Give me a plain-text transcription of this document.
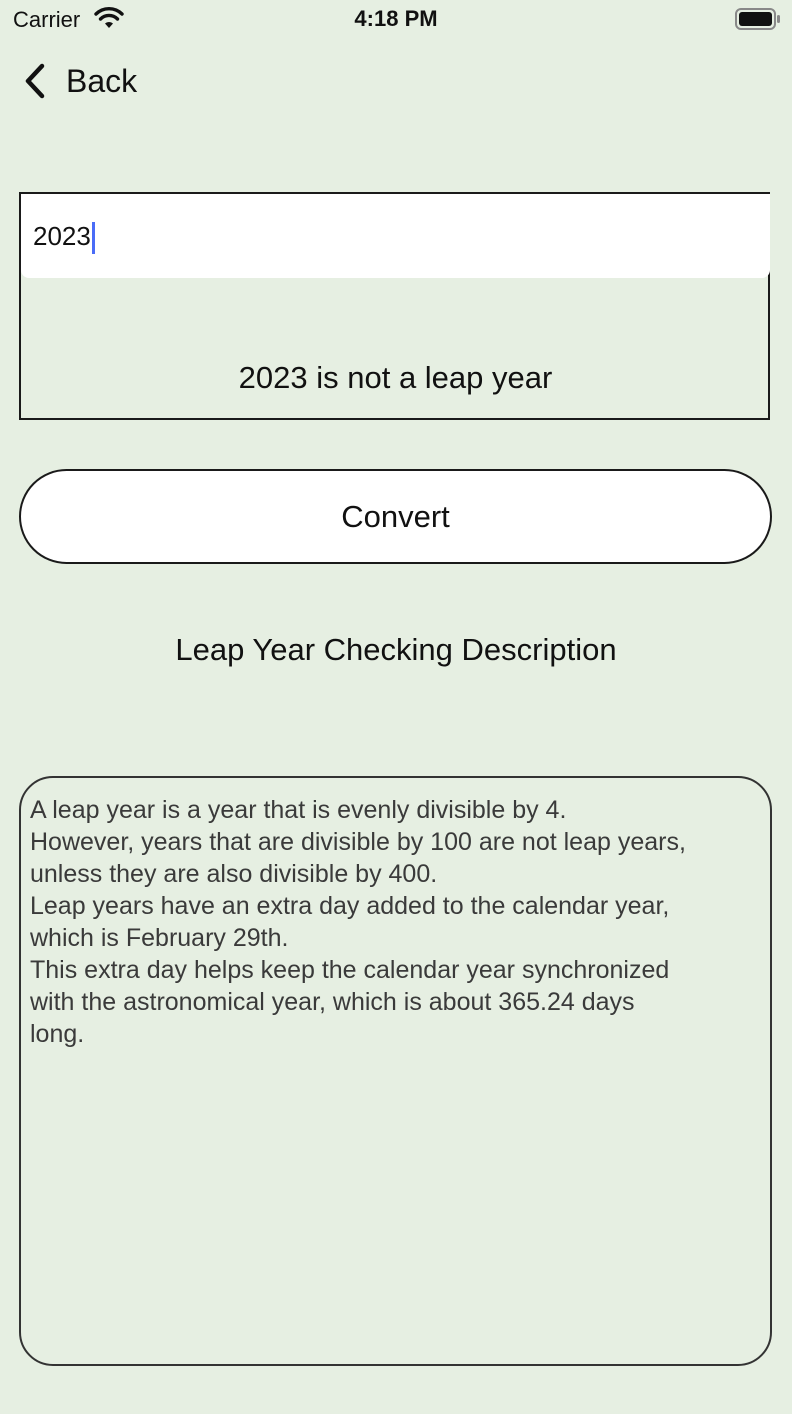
Carrier	4:18 PM
Back
2023
2023 is not a leap year
Convert
Leap Year Checking Description

A leap year is a year that is evenly divisible by 4.

However, years that are divisible by 100 are not leap years,

unless they are also divisible by 400.

Leap years have an extra day added to the calendar year,

which is February 29th.

This extra day helps keep the calendar year synchronized

with the astronomical year, which is about 365.24 days

long.
